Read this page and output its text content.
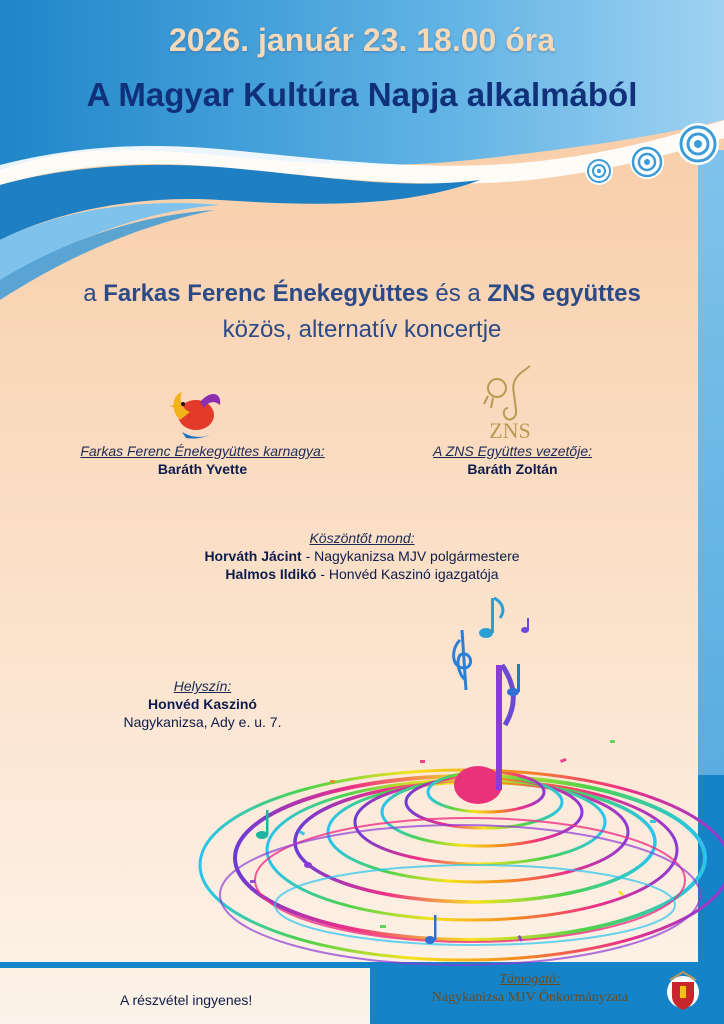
ZNS
2026. január 23. 18.00 óra
A Magyar Kultúra Napja alkalmából
a Farkas Ferenc Énekegyüttes és a ZNS együttes
közös, alternatív koncertje
Farkas Ferenc Énekegyüttes karnagya:
Baráth Yvette
A ZNS Együttes vezetője:
Baráth Zoltán
Köszöntőt mond:
Horváth Jácint - Nagykanizsa MJV polgármestere
Halmos Ildikó - Honvéd Kaszinó igazgatója
Helyszín:
Honvéd Kaszinó
Nagykanizsa, Ady e. u. 7.
A részvétel ingyenes!
Támogató:
Nagykanizsa MJV Önkormányzata
